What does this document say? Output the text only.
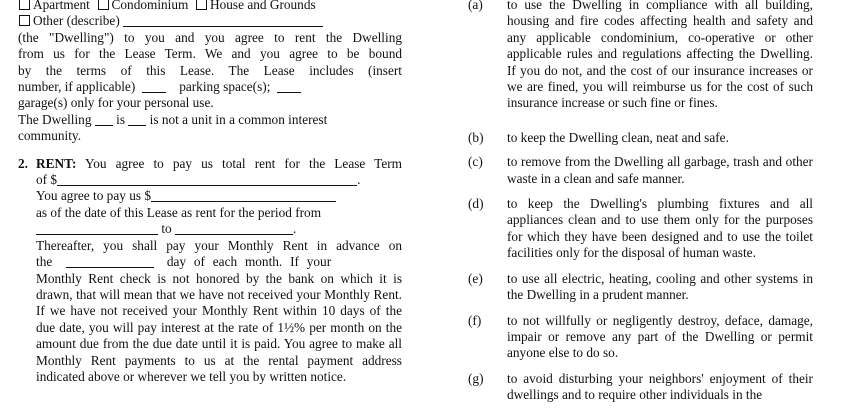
Apartment Condominium House and Grounds
Other (describe)
(the "Dwelling") to you and you agree to rent the Dwelling
from us for the Lease Term. We and you agree to be bound
by the terms of this Lease. The Lease includes (insert
number, if applicable)	parking space(s);
garage(s) only for your personal use.
The Dwelling is is not a unit in a common interest
community.
2. RENT: You agree to pay us total rent for the Lease Term
of $	.
You agree to pay us $
as of the date of this Lease as rent for the period from
to	.
Thereafter, you shall pay your Monthly Rent in advance on
the	day of each month. If your
Monthly Rent check is not honored by the bank on which it is drawn, that will mean that we have not received your Monthly Rent. If we have not received your Monthly Rent within 10 days of the due date, you will pay interest at the rate of 1½% per month on the amount due from the due date until it is paid. You agree to make all Monthly Rent payments to us at the rental payment address indicated above or wherever we tell you by written notice.
(a) to use the Dwelling in compliance with all building, housing and fire codes affecting health and safety and any applicable condominium, co-operative or other applicable rules and regulations affecting the Dwelling. If you do not, and the cost of our insurance increases or we are fined, you will reimburse us for the cost of such insurance increase or such fine or fines.
(b) to keep the Dwelling clean, neat and safe.
(c) to remove from the Dwelling all garbage, trash and other waste in a clean and safe manner.
(d) to keep the Dwelling's plumbing fixtures and all appliances clean and to use them only for the purposes for which they have been designed and to use the toilet facilities only for the disposal of human waste.
(e) to use all electric, heating, cooling and other systems in the Dwelling in a prudent manner.
(f) to not willfully or negligently destroy, deface, damage, impair or remove any part of the Dwelling or permit anyone else to do so.
(g) to avoid disturbing your neighbors' enjoyment of their dwellings and to require other individuals in the
